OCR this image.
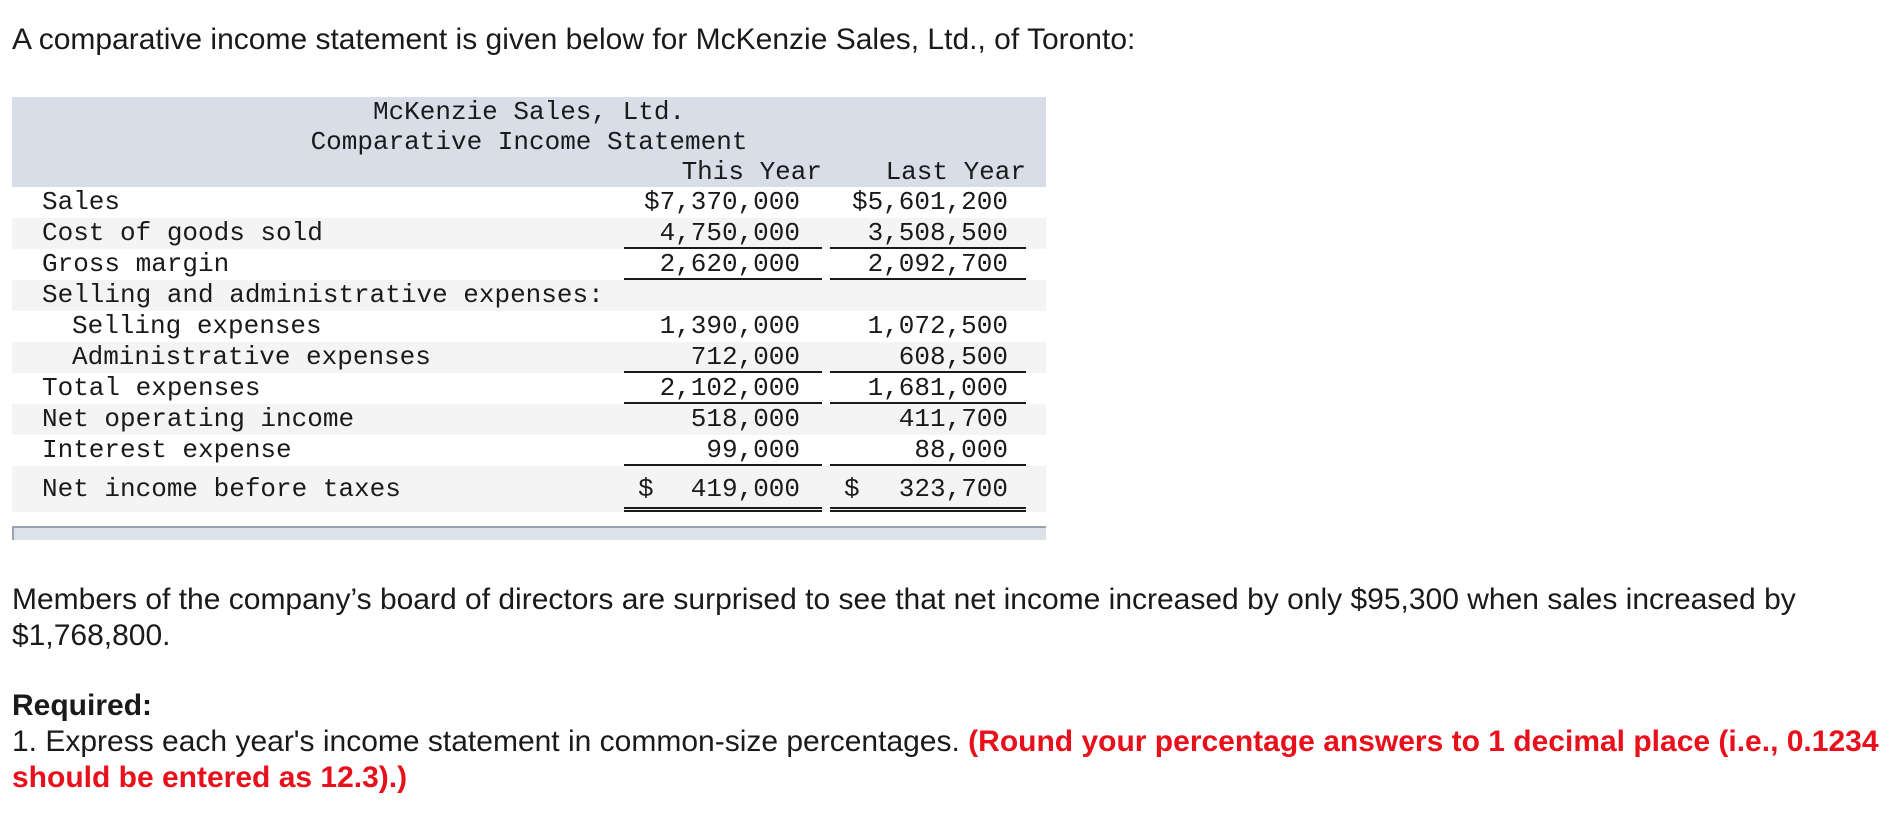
A comparative income statement is given below for McKenzie Sales, Ltd., of Toronto:

McKenzie Sales, Ltd.

Comparative Income Statement

This Year	Last Year
Sales	$7,370,000	$5,601,200
Cost of goods sold	4,750,000	3,508,500
Gross margin	2,620,000	2,092,700
Selling and administrative expenses:
Selling expenses	1,390,000	1,072,500
Administrative expenses	712,000	608,500
Total expenses	2,102,000	1,681,000
Net operating income	518,000	411,700
Interest expense	99,000	88,000
Net income before taxes	$ 419,000	$ 323,700

Members of the company’s board of directors are surprised to see that net income increased by only $95,300 when sales increased by $1,768,800.

Required:

1. Express each year's income statement in common-size percentages. (Round your percentage answers to 1 decimal place (i.e., 0.1234 should be entered as 12.3).)
